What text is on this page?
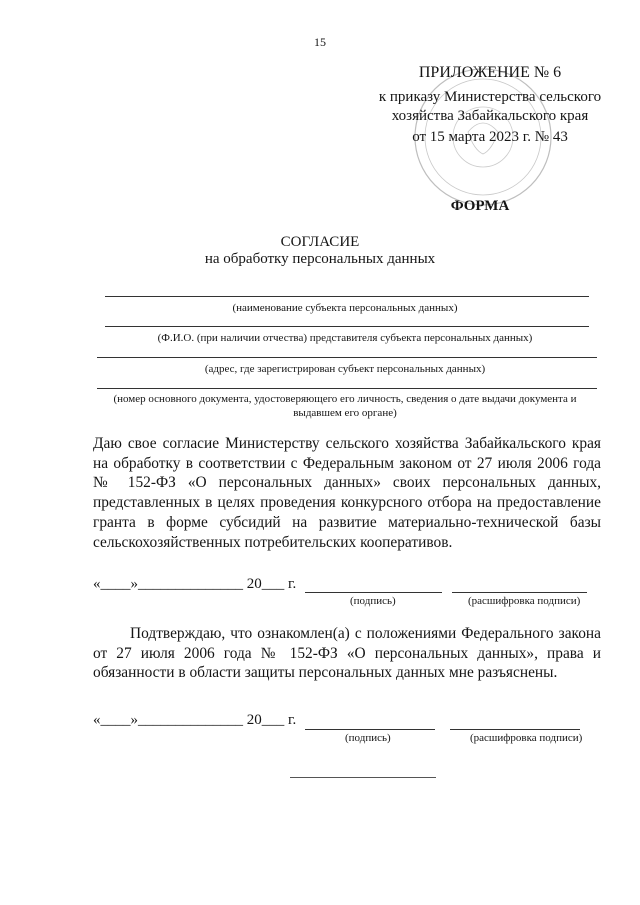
15
ПРИЛОЖЕНИЕ № 6
к приказу Министерства сельского
хозяйства Забайкальского края
от 15 марта 2023 г. № 43
ФОРМА
СОГЛАСИЕ
на обработку персональных данных
(наименование субъекта персональных данных)
(Ф.И.О. (при наличии отчества) представителя субъекта персональных данных)
(адрес, где зарегистрирован субъект персональных данных)
(номер основного документа, удостоверяющего его личность, сведения о дате выдачи документа и
выдавшем его органе)
Даю свое согласие Министерству сельского хозяйства Забайкальского края
на обработку в соответствии с Федеральным законом от 27 июля 2006 года
№ 152-ФЗ «О персональных данных» своих персональных данных,
представленных в целях проведения конкурсного отбора на предоставление
гранта в форме субсидий на развитие материально-технической базы
сельскохозяйственных потребительских кооперативов.
«____»______________ 20___ г.
(подпись)	(расшифровка подписи)
Подтверждаю, что ознакомлен(а) с положениями Федерального закона
от 27 июля 2006 года № 152-ФЗ «О персональных данных», права и
обязанности в области защиты персональных данных мне разъяснены.
«____»______________ 20___ г.
(подпись)	(расшифровка подписи)
